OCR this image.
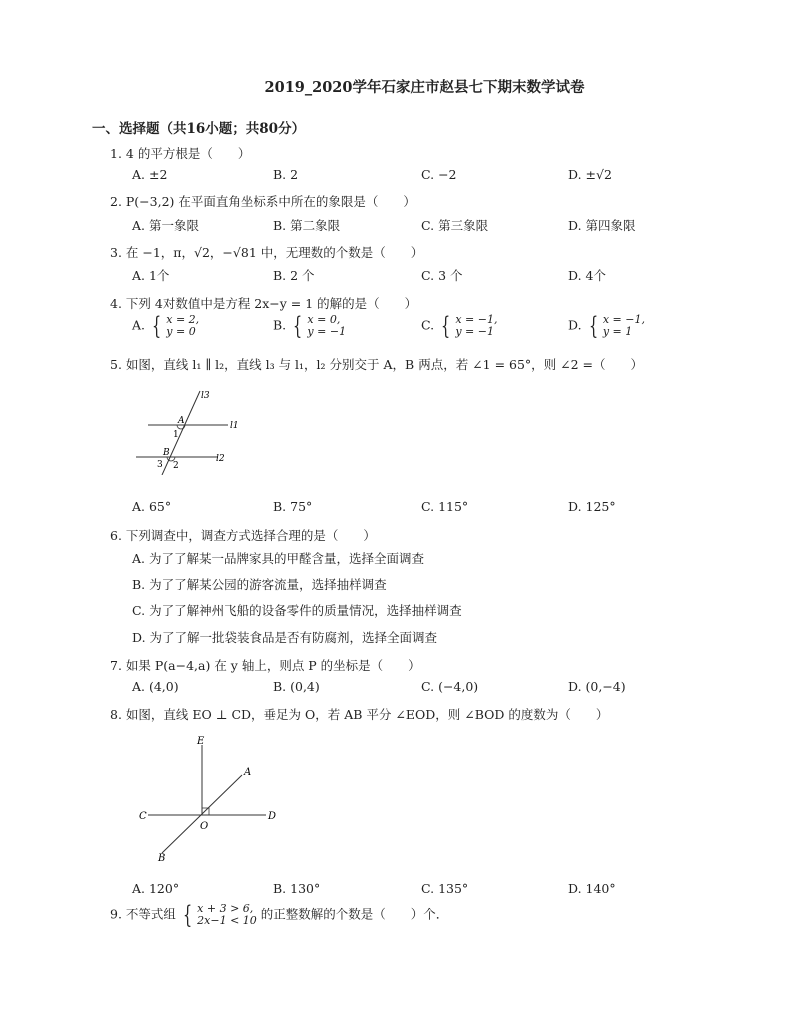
2019_2020学年石家庄市赵县七下期末数学试卷
一、选择题（共16小题；共80分）
1. 4 的平方根是（　　）
A. ±2	B. 2	C. −2	D. ±√2
2. P(−3,2) 在平面直角坐标系中所在的象限是（　　）
A. 第一象限	B. 第二象限	C. 第三象限	D. 第四象限
3. 在 −1，π，√2，−√81 中，无理数的个数是（　　）
A. 1个	B. 2 个	C. 3 个	D. 4个
4. 下列 4对数值中是方程 2x−y = 1 的解的是（　　）
A. { x = 2,
y = 0	B. { x = 0,
y = −1	C. { x = −1,
y = −1	D. { x = −1,
y = 1
5. 如图，直线 l₁ ∥ l₂，直线 l₃ 与 l₁，l₂ 分别交于 A，B 两点，若 ∠1 = 65°，则 ∠2 =（　　）
l3
l1
l2
A
B
1
2
3
A. 65°	B. 75°	C. 115°	D. 125°
6. 下列调查中，调查方式选择合理的是（　　）
A. 为了了解某一品牌家具的甲醛含量，选择全面调查
B. 为了了解某公园的游客流量，选择抽样调查
C. 为了了解神州飞船的设备零件的质量情况，选择抽样调查
D. 为了了解一批袋装食品是否有防腐剂，选择全面调查
7. 如果 P(a−4,a) 在 y 轴上，则点 P 的坐标是（　　）
A. (4,0)	B. (0,4)	C. (−4,0)	D. (0,−4)
8. 如图，直线 EO ⊥ CD，垂足为 O，若 AB 平分 ∠EOD，则 ∠BOD 的度数为（　　）
E
A
C
O
D
B
A. 120°	B. 130°	C. 135°	D. 140°
9. 不等式组 { x + 3 > 6,
2x−1 < 10 的正整数解的个数是（　　）个．
